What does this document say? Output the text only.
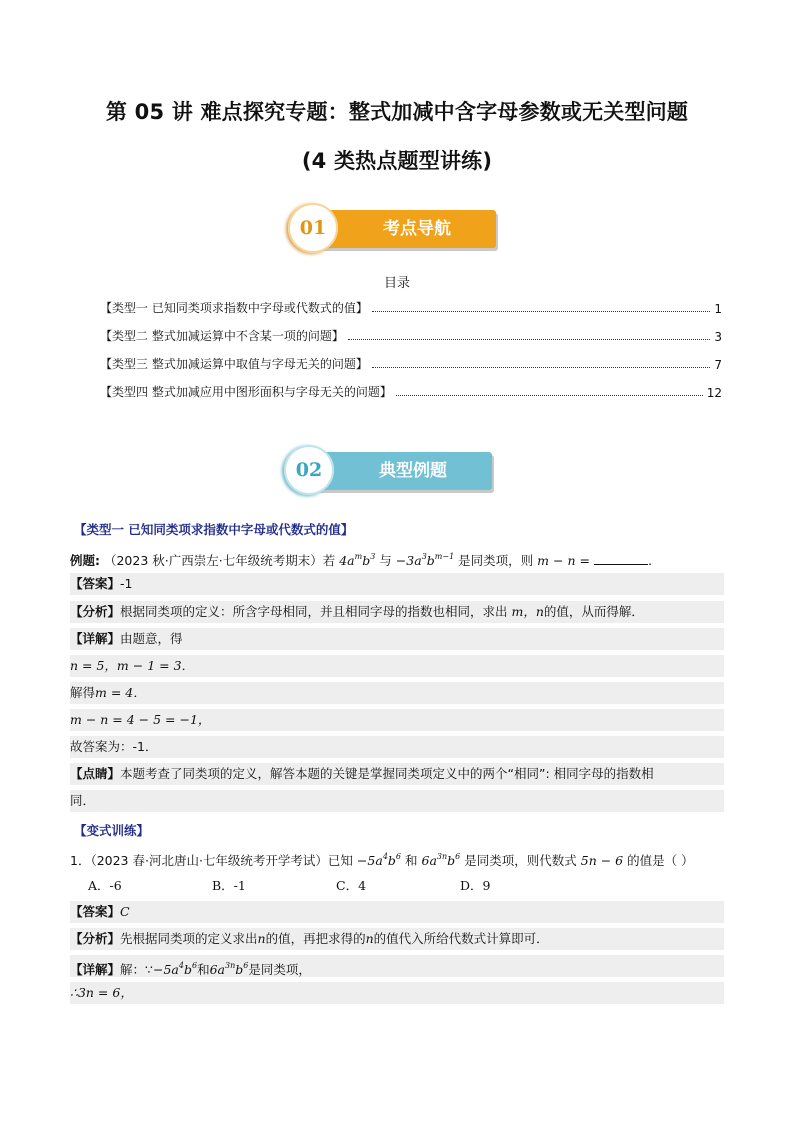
第 05 讲 难点探究专题：整式加减中含字母参数或无关型问题
(4 类热点题型讲练)
01	考点导航
目录
【类型一 已知同类项求指数中字母或代数式的值】	1
【类型二 整式加减运算中不含某一项的问题】	3
【类型三 整式加减运算中取值与字母无关的问题】	7
【类型四 整式加减应用中图形面积与字母无关的问题】	12
02	典型例题
【类型一 已知同类项求指数中字母或代数式的值】
例题: （2023 秋·广西崇左·七年级统考期末）若 $4a^mb^3$ 与 $-3a^3b^{m-1}$ 是同类项，则 m − n =	.
【答案】-1
【分析】根据同类项的定义：所含字母相同，并且相同字母的指数也相同，求出 m，n的值，从而得解．
【详解】由题意，得
n = 5，m − 1 = 3．
解得m = 4．
m − n = 4 − 5 = −1，
故答案为：-1．
【点睛】本题考查了同类项的定义，解答本题的关键是掌握同类项定义中的两个“相同”: 相同字母的指数相
同．
【变式训练】
1．（2023 春·河北唐山·七年级统考开学考试）已知 $-5a^4b^6$ 和 $6a^{3n}b^6$ 是同类项，则代数式 5n − 6 的值是（ ）
A．-6	B．-1	C．4	D．9
【答案】C
【分析】先根据同类项的定义求出n的值，再把求得的n的值代入所给代数式计算即可．
【详解】解：$\because-5a^4b^6$和$6a^{3n}b^6$是同类项，
∴3n = 6，
